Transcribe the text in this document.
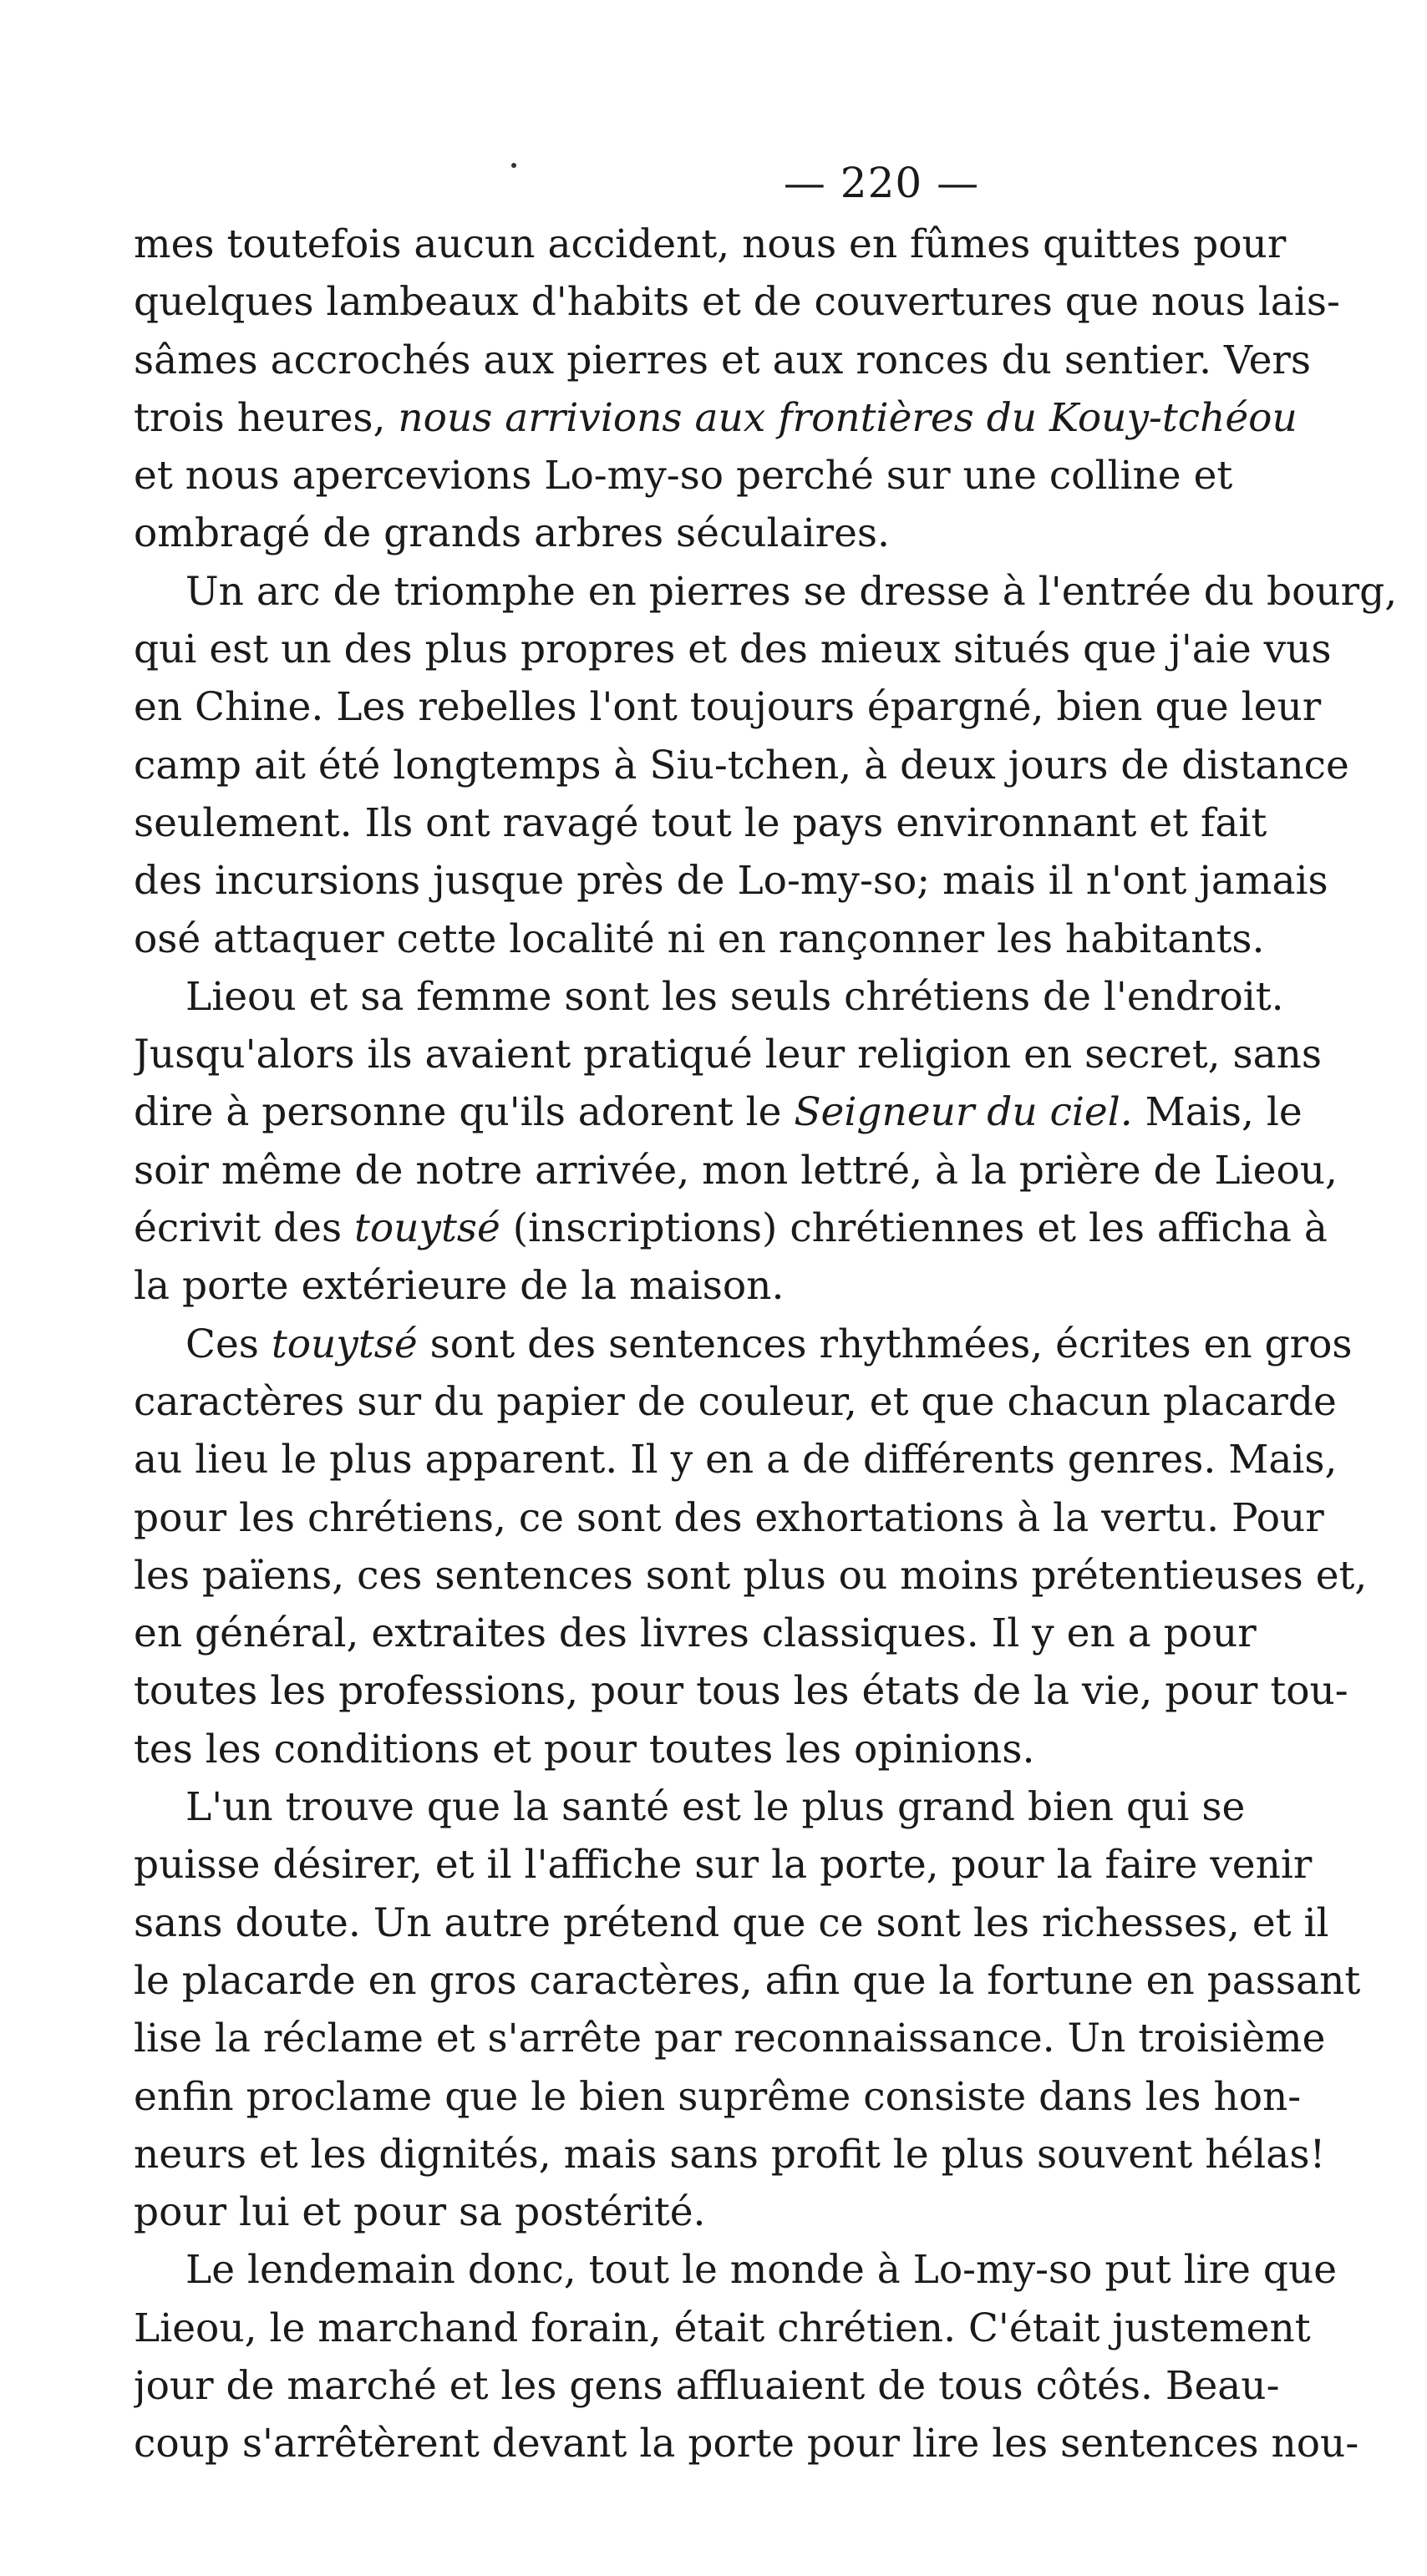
— 220 —

mes toutefois aucun accident, nous en fûmes quittes pour
quelques lambeaux d'habits et de couvertures que nous lais-
sâmes accrochés aux pierres et aux ronces du sentier. Vers
trois heures, nous arrivions aux frontières du Kouy-tchéou
et nous apercevions Lo-my-so perché sur une colline et
ombragé de grands arbres séculaires.

Un arc de triomphe en pierres se dresse à l'entrée du bourg,
qui est un des plus propres et des mieux situés que j'aie vus
en Chine. Les rebelles l'ont toujours épargné, bien que leur
camp ait été longtemps à Siu-tchen, à deux jours de distance
seulement. Ils ont ravagé tout le pays environnant et fait
des incursions jusque près de Lo-my-so; mais il n'ont jamais
osé attaquer cette localité ni en rançonner les habitants.

Lieou et sa femme sont les seuls chrétiens de l'endroit.
Jusqu'alors ils avaient pratiqué leur religion en secret, sans
dire à personne qu'ils adorent le Seigneur du ciel. Mais, le
soir même de notre arrivée, mon lettré, à la prière de Lieou,
écrivit des touytsé (inscriptions) chrétiennes et les afficha à
la porte extérieure de la maison.

Ces touytsé sont des sentences rhythmées, écrites en gros
caractères sur du papier de couleur, et que chacun placarde
au lieu le plus apparent. Il y en a de différents genres. Mais,
pour les chrétiens, ce sont des exhortations à la vertu. Pour
les païens, ces sentences sont plus ou moins prétentieuses et,
en général, extraites des livres classiques. Il y en a pour
toutes les professions, pour tous les états de la vie, pour tou-
tes les conditions et pour toutes les opinions.

L'un trouve que la santé est le plus grand bien qui se
puisse désirer, et il l'affiche sur la porte, pour la faire venir
sans doute. Un autre prétend que ce sont les richesses, et il
le placarde en gros caractères, afin que la fortune en passant
lise la réclame et s'arrête par reconnaissance. Un troisième
enfin proclame que le bien suprême consiste dans les hon-
neurs et les dignités, mais sans profit le plus souvent hélas!
pour lui et pour sa postérité.

Le lendemain donc, tout le monde à Lo-my-so put lire que
Lieou, le marchand forain, était chrétien. C'était justement
jour de marché et les gens affluaient de tous côtés. Beau-
coup s'arrêtèrent devant la porte pour lire les sentences nou-
